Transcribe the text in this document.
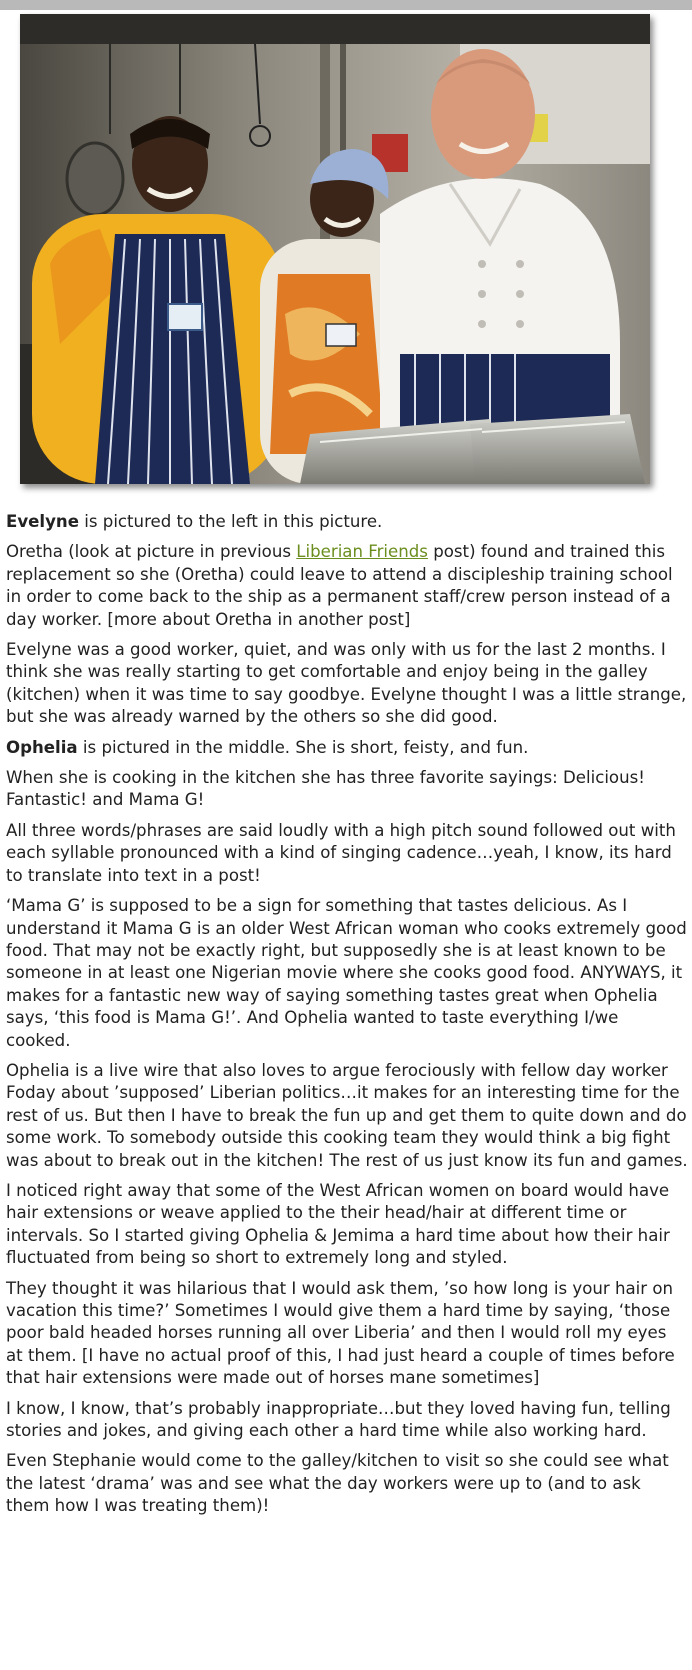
Evelyne is pictured to the left in this picture.

Oretha (look at picture in previous Liberian Friends post) found and trained this replacement so she (Oretha) could leave to attend a discipleship training school in order to come back to the ship as a permanent staff/crew person instead of a day worker. [more about Oretha in another post]

Evelyne was a good worker, quiet, and was only with us for the last 2 months. I think she was really starting to get comfortable and enjoy being in the galley (kitchen) when it was time to say goodbye. Evelyne thought I was a little strange, but she was already warned by the others so she did good.

Ophelia is pictured in the middle. She is short, feisty, and fun.

When she is cooking in the kitchen she has three favorite sayings: Delicious! Fantastic! and Mama G!

All three words/phrases are said loudly with a high pitch sound followed out with each syllable pronounced with a kind of singing cadence…yeah, I know, its hard to translate into text in a post!

‘Mama G’ is supposed to be a sign for something that tastes delicious. As I understand it Mama G is an older West African woman who cooks extremely good food. That may not be exactly right, but supposedly she is at least known to be someone in at least one Nigerian movie where she cooks good food. ANYWAYS, it makes for a fantastic new way of saying something tastes great when Ophelia says, ‘this food is Mama G!’. And Ophelia wanted to taste everything I/we cooked.

Ophelia is a live wire that also loves to argue ferociously with fellow day worker Foday about ’supposed’ Liberian politics…it makes for an interesting time for the rest of us. But then I have to break the fun up and get them to quite down and do some work. To somebody outside this cooking team they would think a big fight was about to break out in the kitchen! The rest of us just know its fun and games.

I noticed right away that some of the West African women on board would have hair extensions or weave applied to the their head/hair at different time or intervals. So I started giving Ophelia & Jemima a hard time about how their hair fluctuated from being so short to extremely long and styled.

They thought it was hilarious that I would ask them, ’so how long is your hair on vacation this time?’ Sometimes I would give them a hard time by saying, ‘those poor bald headed horses running all over Liberia’ and then I would roll my eyes at them. [I have no actual proof of this, I had just heard a couple of times before that hair extensions were made out of horses mane sometimes]

I know, I know, that’s probably inappropriate…but they loved having fun, telling stories and jokes, and giving each other a hard time while also working hard.

Even Stephanie would come to the galley/kitchen to visit so she could see what the latest ‘drama’ was and see what the day workers were up to (and to ask them how I was treating them)!
